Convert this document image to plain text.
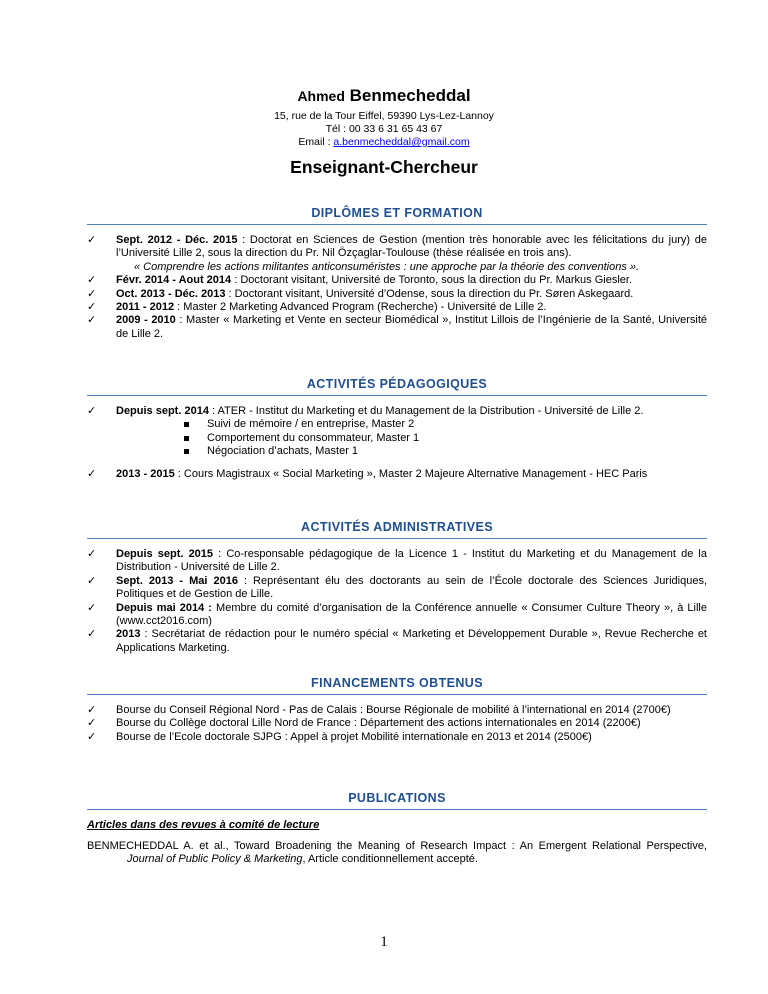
Ahmed Benmecheddal
15, rue de la Tour Eiffel, 59390 Lys-Lez-Lannoy
Tél : 00 33 6 31 65 43 67
Email : a.benmecheddal@gmail.com
Enseignant-Chercheur
DIPLÔMES ET FORMATION
✓ Sept. 2012 - Déc. 2015 : Doctorat en Sciences de Gestion (mention très honorable avec les félicitations du jury) de l’Université Lille 2, sous la direction du Pr. Nil Özçaglar-Toulouse (thèse réalisée en trois ans).
« Comprendre les actions militantes anticonsuméristes : une approche par la théorie des conventions ».
✓ Févr. 2014 - Aout 2014 : Doctorant visitant, Université de Toronto, sous la direction du Pr. Markus Giesler.
✓ Oct. 2013 - Déc. 2013 : Doctorant visitant, Université d’Odense, sous la direction du Pr. Søren Askegaard.
✓ 2011 - 2012 : Master 2 Marketing Advanced Program (Recherche) - Université de Lille 2.
✓ 2009 - 2010 : Master « Marketing et Vente en secteur Biomédical », Institut Lillois de l’Ingénierie de la Santé, Université de Lille 2.
ACTIVITÉS PÉDAGOGIQUES
✓ Depuis sept. 2014 : ATER - Institut du Marketing et du Management de la Distribution - Université de Lille 2.
Suivi de mémoire / en entreprise, Master 2
Comportement du consommateur, Master 1
Négociation d’achats, Master 1
✓ 2013 - 2015 : Cours Magistraux « Social Marketing », Master 2 Majeure Alternative Management - HEC Paris
ACTIVITÉS ADMINISTRATIVES
✓ Depuis sept. 2015 : Co-responsable pédagogique de la Licence 1 - Institut du Marketing et du Management de la Distribution - Université de Lille 2.
✓ Sept. 2013 - Mai 2016 : Représentant élu des doctorants au sein de l’École doctorale des Sciences Juridiques, Politiques et de Gestion de Lille.
✓ Depuis mai 2014 : Membre du comité d’organisation de la Conférence annuelle « Consumer Culture Theory », à Lille (www.cct2016.com)
✓ 2013 : Secrétariat de rédaction pour le numéro spécial « Marketing et Développement Durable », Revue Recherche et Applications Marketing.
FINANCEMENTS OBTENUS
✓ Bourse du Conseil Régional Nord - Pas de Calais : Bourse Régionale de mobilité à l’international en 2014 (2700€)
✓ Bourse du Collège doctoral Lille Nord de France : Département des actions internationales en 2014 (2200€)
✓ Bourse de l’Ecole doctorale SJPG : Appel à projet Mobilité internationale en 2013 et 2014 (2500€)
PUBLICATIONS
Articles dans des revues à comité de lecture
BENMECHEDDAL A. et al., Toward Broadening the Meaning of Research Impact : An Emergent Relational Perspective, Journal of Public Policy & Marketing, Article conditionnellement accepté.
1
